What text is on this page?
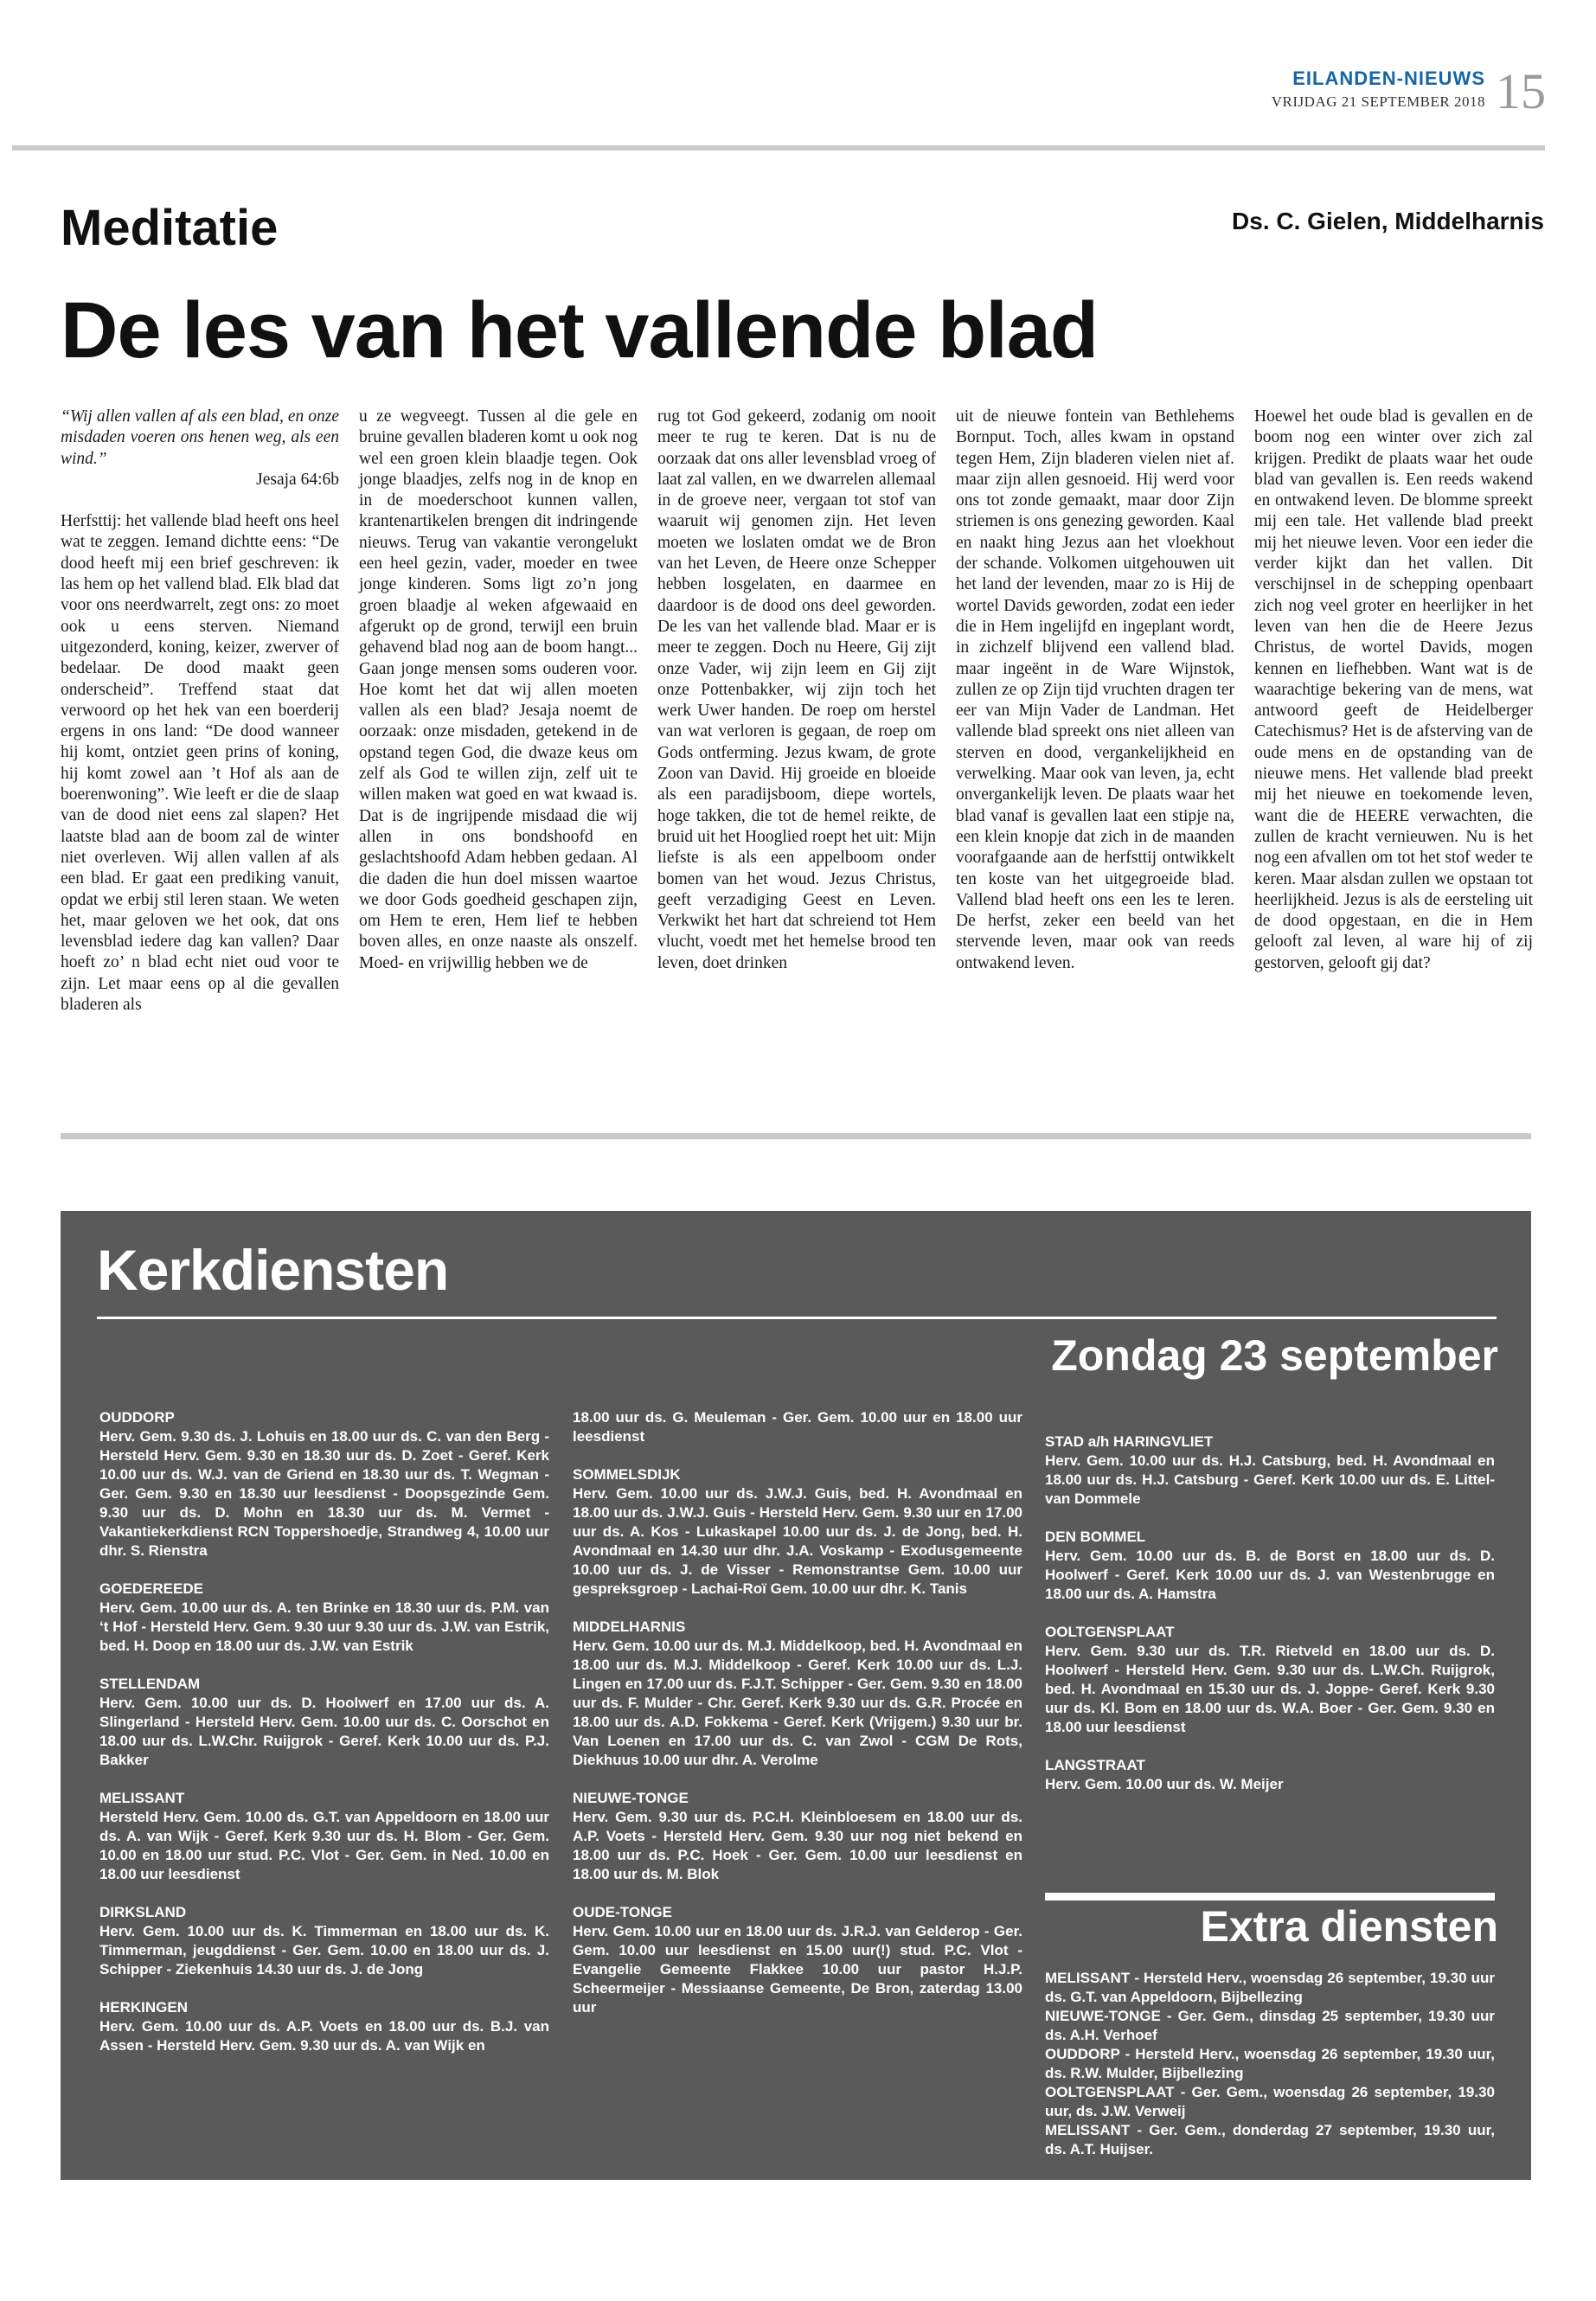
EILANDEN-NIEUWS
VRIJDAG 21 SEPTEMBER 2018 15
Meditatie	Ds. C. Gielen, Middelharnis
De les van het vallende blad

“Wij allen vallen af als een blad, en onze misdaden voeren ons henen weg, als een wind.”

Jesaja 64:6b

Herfsttij: het vallende blad heeft ons heel wat te zeggen. Iemand dichtte eens: “De dood heeft mij een brief geschreven: ik las hem op het vallend blad. Elk blad dat voor ons neerdwarrelt, zegt ons: zo moet ook u eens sterven. Niemand uitgezonderd, koning, keizer, zwerver of bedelaar. De dood maakt geen onderscheid”. Treffend staat dat verwoord op het hek van een boerderij ergens in ons land: “De dood wanneer hij komt, ontziet geen prins of koning, hij komt zowel aan ’t Hof als aan de boerenwoning”. Wie leeft er die de slaap van de dood niet eens zal slapen? Het laatste blad aan de boom zal de winter niet overleven. Wij allen vallen af als een blad. Er gaat een prediking vanuit, opdat we erbij stil leren staan. We weten het, maar geloven we het ook, dat ons levensblad iedere dag kan vallen? Daar hoeft zo’ n blad echt niet oud voor te zijn. Let maar eens op al die gevallen bladeren als

u ze wegveegt. Tussen al die gele en bruine gevallen bladeren komt u ook nog wel een groen klein blaadje tegen. Ook jonge blaadjes, zelfs nog in de knop en in de moederschoot kunnen vallen, krantenartikelen brengen dit indringende nieuws. Terug van vakantie verongelukt een heel gezin, vader, moeder en twee jonge kinderen. Soms ligt zo’n jong groen blaadje al weken afgewaaid en afgerukt op de grond, terwijl een bruin gehavend blad nog aan de boom hangt... Gaan jonge mensen soms ouderen voor. Hoe komt het dat wij allen moeten vallen als een blad? Jesaja noemt de oorzaak: onze misdaden, getekend in de opstand tegen God, die dwaze keus om zelf als God te willen zijn, zelf uit te willen maken wat goed en wat kwaad is. Dat is de ingrijpende misdaad die wij allen in ons bondshoofd en geslachtshoofd Adam hebben gedaan. Al die daden die hun doel missen waartoe we door Gods goedheid geschapen zijn, om Hem te eren, Hem lief te hebben boven alles, en onze naaste als onszelf. Moed- en vrijwillig hebben we de

rug tot God gekeerd, zodanig om nooit meer te rug te keren. Dat is nu de oorzaak dat ons aller levensblad vroeg of laat zal vallen, en we dwarrelen allemaal in de groeve neer, vergaan tot stof van waaruit wij genomen zijn. Het leven moeten we loslaten omdat we de Bron van het Leven, de Heere onze Schepper hebben losgelaten, en daarmee en daardoor is de dood ons deel geworden. De les van het vallende blad. Maar er is meer te zeggen. Doch nu Heere, Gij zijt onze Vader, wij zijn leem en Gij zijt onze Pottenbakker, wij zijn toch het werk Uwer handen. De roep om herstel van wat verloren is gegaan, de roep om Gods ontferming. Jezus kwam, de grote Zoon van David. Hij groeide en bloeide als een paradijsboom, diepe wortels, hoge takken, die tot de hemel reikte, de bruid uit het Hooglied roept het uit: Mijn liefste is als een appelboom onder bomen van het woud. Jezus Christus, geeft verzadiging Geest en Leven. Verkwikt het hart dat schreiend tot Hem vlucht, voedt met het hemelse brood ten leven, doet drinken

uit de nieuwe fontein van Bethlehems Bornput. Toch, alles kwam in opstand tegen Hem, Zijn bladeren vielen niet af. maar zijn allen gesnoeid. Hij werd voor ons tot zonde gemaakt, maar door Zijn striemen is ons genezing geworden. Kaal en naakt hing Jezus aan het vloekhout der schande. Volkomen uitgehouwen uit het land der levenden, maar zo is Hij de wortel Davids geworden, zodat een ieder die in Hem ingelijfd en ingeplant wordt, in zichzelf blijvend een vallend blad. maar ingeënt in de Ware Wijnstok, zullen ze op Zijn tijd vruchten dragen ter eer van Mijn Vader de Landman. Het vallende blad spreekt ons niet alleen van sterven en dood, vergankelijkheid en verwelking. Maar ook van leven, ja, echt onvergankelijk leven. De plaats waar het blad vanaf is gevallen laat een stipje na, een klein knopje dat zich in de maanden voorafgaande aan de herfsttij ontwikkelt ten koste van het uitgegroeide blad. Vallend blad heeft ons een les te leren. De herfst, zeker een beeld van het stervende leven, maar ook van reeds ontwakend leven.

Hoewel het oude blad is gevallen en de boom nog een winter over zich zal krijgen. Predikt de plaats waar het oude blad van gevallen is. Een reeds wakend en ontwakend leven. De blomme spreekt mij een tale. Het vallende blad preekt mij het nieuwe leven. Voor een ieder die verder kijkt dan het vallen. Dit verschijnsel in de schepping openbaart zich nog veel groter en heerlijker in het leven van hen die de Heere Jezus Christus, de wortel Davids, mogen kennen en liefhebben. Want wat is de waarachtige bekering van de mens, wat antwoord geeft de Heidelberger Catechismus? Het is de afsterving van de oude mens en de opstanding van de nieuwe mens. Het vallende blad preekt mij het nieuwe en toekomende leven, want die de HEERE verwachten, die zullen de kracht vernieuwen. Nu is het nog een afvallen om tot het stof weder te keren. Maar alsdan zullen we opstaan tot heerlijkheid. Jezus is als de eersteling uit de dood opgestaan, en die in Hem gelooft zal leven, al ware hij of zij gestorven, gelooft gij dat?

Kerkdiensten
Zondag 23 september
OUDDORP
Herv. Gem. 9.30 ds. J. Lohuis en 18.00 uur ds. C. van den Berg - Hersteld Herv. Gem. 9.30 en 18.30 uur ds. D. Zoet - Geref. Kerk 10.00 uur ds. W.J. van de Griend en 18.30 uur ds. T. Wegman - Ger. Gem. 9.30 en 18.30 uur leesdienst - Doopsgezinde Gem. 9.30 uur ds. D. Mohn en 18.30 uur ds. M. Vermet - Vakantiekerkdienst RCN Toppershoedje, Strandweg 4, 10.00 uur dhr. S. Rienstra
GOEDEREEDE
Herv. Gem. 10.00 uur ds. A. ten Brinke en 18.30 uur ds. P.M. van ‘t Hof - Hersteld Herv. Gem. 9.30 uur 9.30 uur ds. J.W. van Estrik, bed. H. Doop en 18.00 uur ds. J.W. van Estrik
STELLENDAM
Herv. Gem. 10.00 uur ds. D. Hoolwerf en 17.00 uur ds. A. Slingerland - Hersteld Herv. Gem. 10.00 uur ds. C. Oorschot en 18.00 uur ds. L.W.Chr. Ruijgrok - Geref. Kerk 10.00 uur ds. P.J. Bakker
MELISSANT
Hersteld Herv. Gem. 10.00 ds. G.T. van Appeldoorn en 18.00 uur ds. A. van Wijk - Geref. Kerk 9.30 uur ds. H. Blom - Ger. Gem. 10.00 en 18.00 uur stud. P.C. Vlot - Ger. Gem. in Ned. 10.00 en 18.00 uur leesdienst
DIRKSLAND
Herv. Gem. 10.00 uur ds. K. Timmerman en 18.00 uur ds. K. Timmerman, jeugddienst - Ger. Gem. 10.00 en 18.00 uur ds. J. Schipper - Ziekenhuis 14.30 uur ds. J. de Jong
HERKINGEN
Herv. Gem. 10.00 uur ds. A.P. Voets en 18.00 uur ds. B.J. van Assen - Hersteld Herv. Gem. 9.30 uur ds. A. van Wijk en
18.00 uur ds. G. Meuleman - Ger. Gem. 10.00 uur en 18.00 uur leesdienst
SOMMELSDIJK
Herv. Gem. 10.00 uur ds. J.W.J. Guis, bed. H. Avondmaal en 18.00 uur ds. J.W.J. Guis - Hersteld Herv. Gem. 9.30 uur en 17.00 uur ds. A. Kos - Lukaskapel 10.00 uur ds. J. de Jong, bed. H. Avondmaal en 14.30 uur dhr. J.A. Voskamp - Exodusgemeente 10.00 uur ds. J. de Visser - Remonstrantse Gem. 10.00 uur gespreksgroep - Lachai-Roï Gem. 10.00 uur dhr. K. Tanis
MIDDELHARNIS
Herv. Gem. 10.00 uur ds. M.J. Middelkoop, bed. H. Avondmaal en 18.00 uur ds. M.J. Middelkoop - Geref. Kerk 10.00 uur ds. L.J. Lingen en 17.00 uur ds. F.J.T. Schipper - Ger. Gem. 9.30 en 18.00 uur ds. F. Mulder - Chr. Geref. Kerk 9.30 uur ds. G.R. Procée en 18.00 uur ds. A.D. Fokkema - Geref. Kerk (Vrijgem.) 9.30 uur br. Van Loenen en 17.00 uur ds. C. van Zwol - CGM De Rots, Diekhuus 10.00 uur dhr. A. Verolme
NIEUWE-TONGE
Herv. Gem. 9.30 uur ds. P.C.H. Kleinbloesem en 18.00 uur ds. A.P. Voets - Hersteld Herv. Gem. 9.30 uur nog niet bekend en 18.00 uur ds. P.C. Hoek - Ger. Gem. 10.00 uur leesdienst en 18.00 uur ds. M. Blok
OUDE-TONGE
Herv. Gem. 10.00 uur en 18.00 uur ds. J.R.J. van Gelderop - Ger. Gem. 10.00 uur leesdienst en 15.00 uur(!) stud. P.C. Vlot - Evangelie Gemeente Flakkee 10.00 uur pastor H.J.P. Scheermeijer - Messiaanse Gemeente, De Bron, zaterdag 13.00 uur
STAD a/h HARINGVLIET
Herv. Gem. 10.00 uur ds. H.J. Catsburg, bed. H. Avondmaal en 18.00 uur ds. H.J. Catsburg - Geref. Kerk 10.00 uur ds. E. Littel-van Dommele
DEN BOMMEL
Herv. Gem. 10.00 uur ds. B. de Borst en 18.00 uur ds. D. Hoolwerf - Geref. Kerk 10.00 uur ds. J. van Westenbrugge en 18.00 uur ds. A. Hamstra
OOLTGENSPLAAT
Herv. Gem. 9.30 uur ds. T.R. Rietveld en 18.00 uur ds. D. Hoolwerf - Hersteld Herv. Gem. 9.30 uur ds. L.W.Ch. Ruijgrok, bed. H. Avondmaal en 15.30 uur ds. J. Joppe- Geref. Kerk 9.30 uur ds. Kl. Bom en 18.00 uur ds. W.A. Boer - Ger. Gem. 9.30 en 18.00 uur leesdienst
LANGSTRAAT
Herv. Gem. 10.00 uur ds. W. Meijer
Extra diensten

MELISSANT - Hersteld Herv., woensdag 26 september, 19.30 uur ds. G.T. van Appeldoorn, Bijbellezing

NIEUWE-TONGE - Ger. Gem., dinsdag 25 september, 19.30 uur ds. A.H. Verhoef

OUDDORP - Hersteld Herv., woensdag 26 september, 19.30 uur, ds. R.W. Mulder, Bijbellezing

OOLTGENSPLAAT - Ger. Gem., woensdag 26 september, 19.30 uur, ds. J.W. Verweij

MELISSANT - Ger. Gem., donderdag 27 september, 19.30 uur, ds. A.T. Huijser.
